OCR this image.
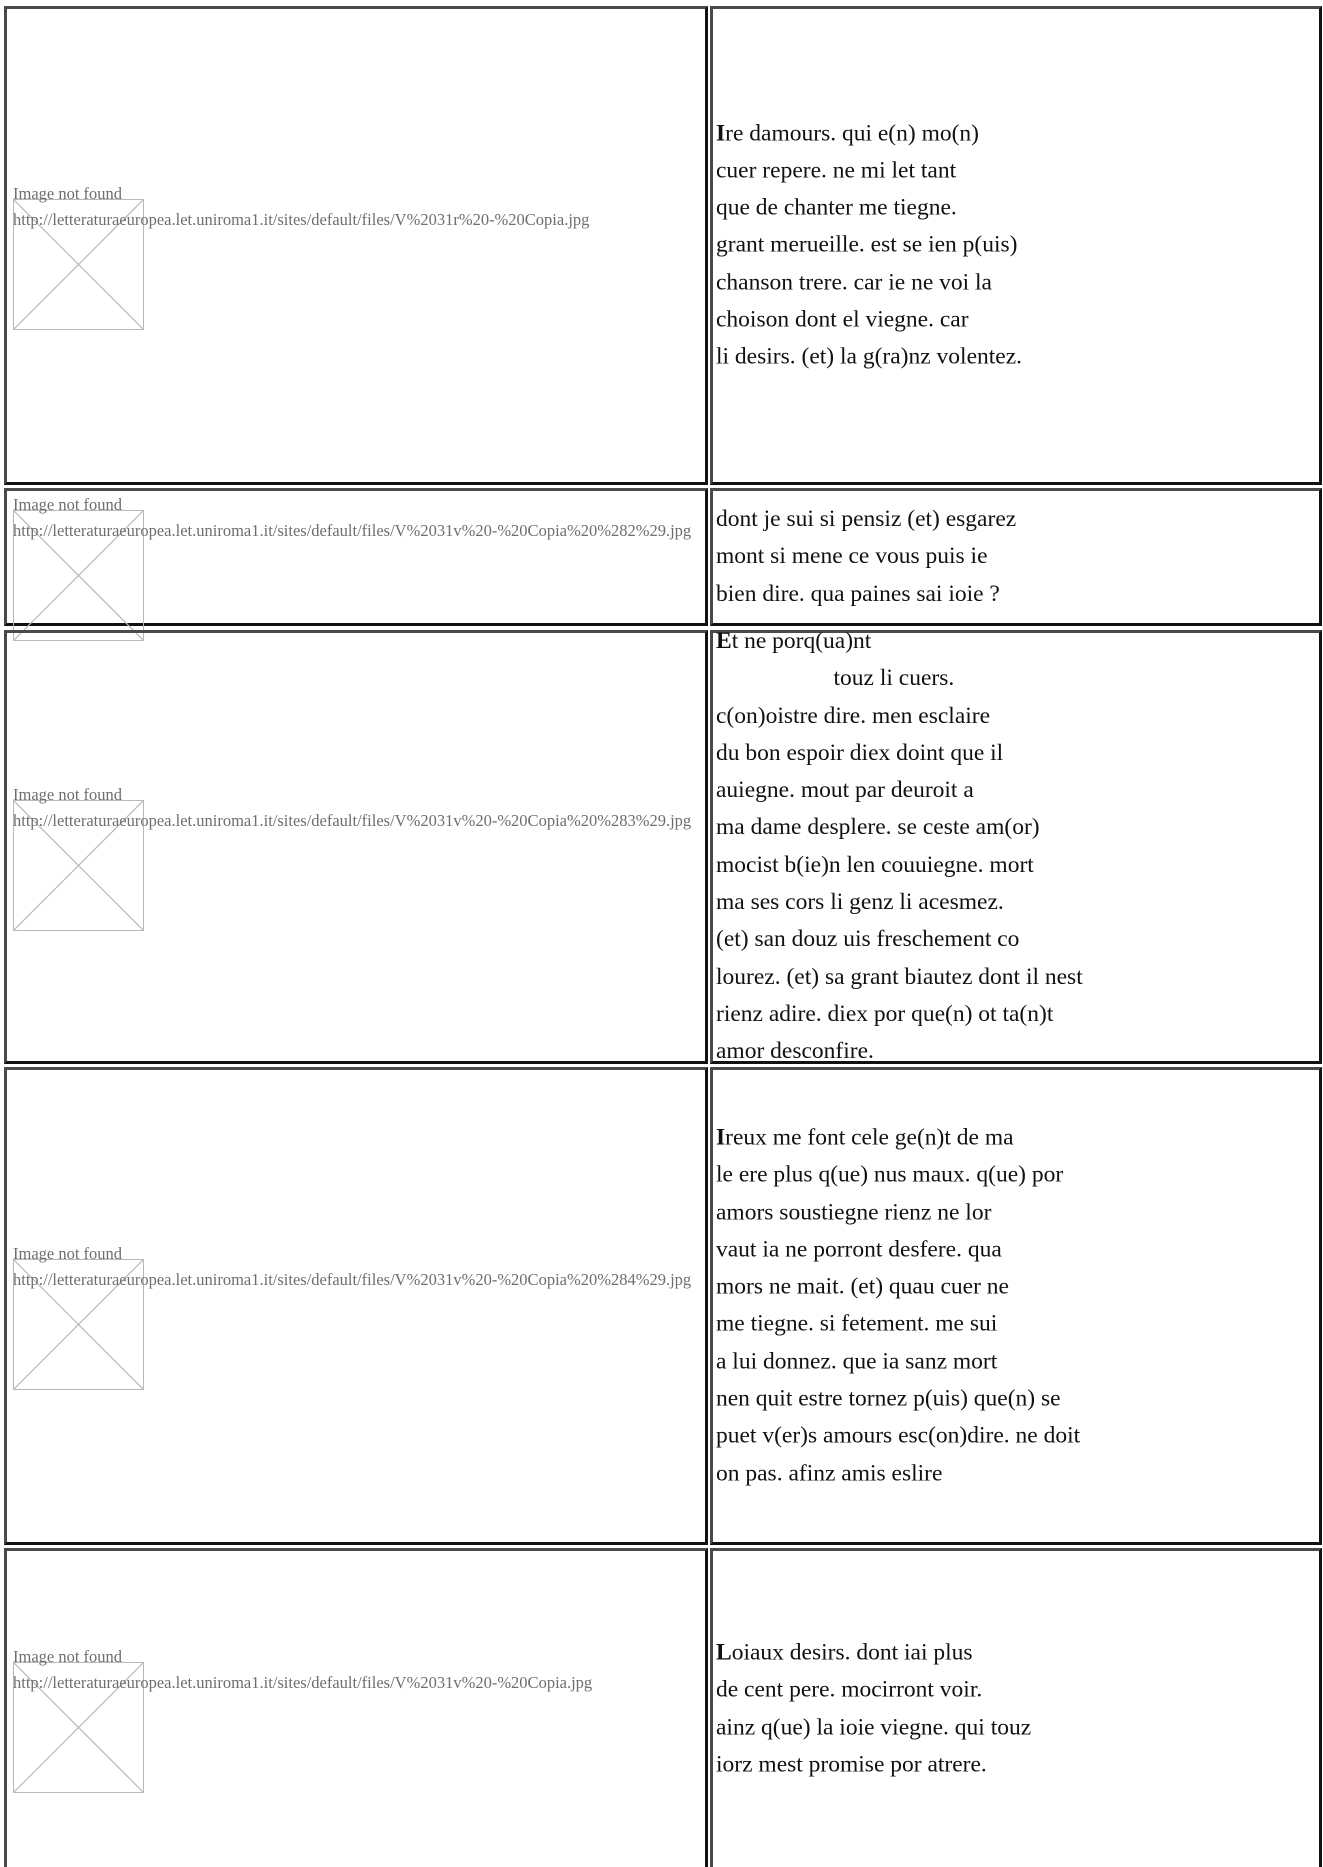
Image not found
http://letteraturaeuropea.let.uniroma1.it/sites/default/files/V%2031r%20-%20Copia.jpg
Ire damours. qui e(n) mo(n)
cuer repere. ne mi let tant
que de chanter me tiegne.
grant merueille. est se ien p(uis)
chanson trere. car ie ne voi la
choison dont el viegne. car
li desirs. (et) la g(ra)nz volentez.
Image not found
http://letteraturaeuropea.let.uniroma1.it/sites/default/files/V%2031v%20-%20Copia%20%282%29.jpg dont je sui si pensiz (et) esgarez
mont si mene ce vous puis ie
bien dire. qua paines sai ioie ?
Image not found
http://letteraturaeuropea.let.uniroma1.it/sites/default/files/V%2031v%20-%20Copia%20%283%29.jpg
Et ne porq(ua)nt
touz li cuers.
c(on)oistre dire. men esclaire
du bon espoir diex doint que il
auiegne. mout par deuroit a
ma dame desplere. se ceste am(or)
mocist b(ie)n len couuiegne. mort
ma ses cors li genz li acesmez.
(et) san douz uis freschement co
lourez. (et) sa grant biautez dont il nest
rienz adire. diex por que(n) ot ta(n)t
amor desconfire.
Image not found
http://letteraturaeuropea.let.uniroma1.it/sites/default/files/V%2031v%20-%20Copia%20%284%29.jpg
Ireux me font cele ge(n)t de ma
le ere plus q(ue) nus maux. q(ue) por
amors soustiegne rienz ne lor
vaut ia ne porront desfere. qua
mors ne mait. (et) quau cuer ne
me tiegne. si fetement. me sui
a lui donnez. que ia sanz mort
nen quit estre tornez p(uis) que(n) se
puet v(er)s amours esc(on)dire. ne doit
on pas. afinz amis eslire
Image not found
http://letteraturaeuropea.let.uniroma1.it/sites/default/files/V%2031v%20-%20Copia.jpg
Loiaux desirs. dont iai plus
de cent pere. mocirront voir.
ainz q(ue) la ioie viegne. qui touz
iorz mest promise por atrere.
